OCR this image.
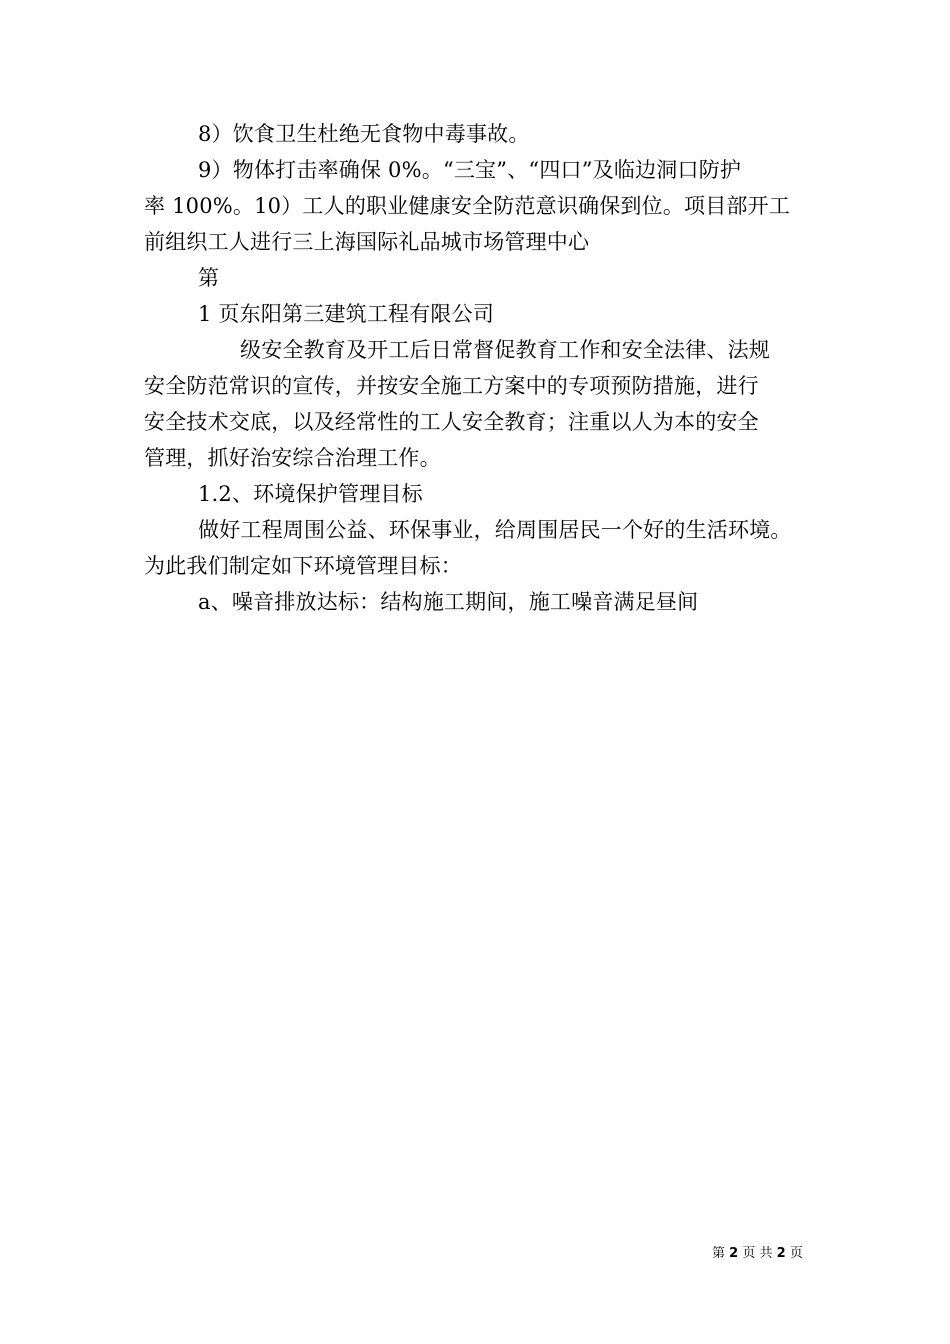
8）饮食卫生杜绝无食物中毒事故。
9）物体打击率确保 0%。“三宝”、“四口”及临边洞口防护
率 100%。10）工人的职业健康安全防范意识确保到位。项目部开工
前组织工人进行三上海国际礼品城市场管理中心
第
1 页东阳第三建筑工程有限公司
级安全教育及开工后日常督促教育工作和安全法律、法规
安全防范常识的宣传，并按安全施工方案中的专项预防措施，进行
安全技术交底，以及经常性的工人安全教育；注重以人为本的安全
管理，抓好治安综合治理工作。
1.2、环境保护管理目标
做好工程周围公益、环保事业，给周围居民一个好的生活环境。
为此我们制定如下环境管理目标：
a、噪音排放达标：结构施工期间，施工噪音满足昼间
第 2 页 共 2 页
